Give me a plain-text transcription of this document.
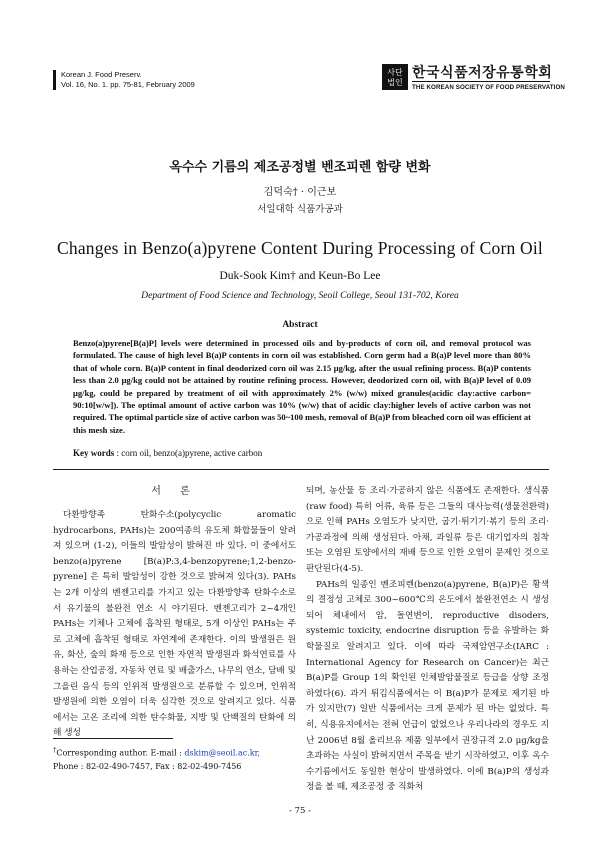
Korean J. Food Preserv.
Vol. 16, No. 1. pp. 75-81, February 2009
사단
법인
한국식품저장유통학회
THE KOREAN SOCIETY OF FOOD PRESERVATION
옥수수 기름의 제조공정별 벤조피렌 함량 변화
김덕숙† · 이근보
서일대학 식품가공과
Changes in Benzo(a)pyrene Content During Processing of Corn Oil
Duk-Sook Kim† and Keun-Bo Lee
Department of Food Science and Technology, Seoil College, Seoul 131-702, Korea
Abstract
Benzo(a)pyrene[B(a)P] levels were determined in processed oils and by-products of corn oil, and removal protocol was formulated. The cause of high level B(a)P contents in corn oil was established. Corn germ had a B(a)P level more than 80% that of whole corn. B(a)P content in final deodorized corn oil was 2.15 μg/kg, after the usual refining process. B(a)P contents less than 2.0 μg/kg could not be attained by routine refining process. However, deodorized corn oil, with B(a)P level of 0.09 μg/kg, could be prepared by treatment of oil with approximately 2% (w/w) mixed granules(acidic clay:active carbon= 90:10[w/w]). The optimal amount of active carbon was 10% (w/w) that of acidic clay:higher levels of active carbon was not required. The optimal particle size of active carbon was 50~100 mesh, removal of B(a)P from bleached corn oil was efficient at this mesh size.
Key words : corn oil, benzo(a)pyrene, active carbon
서 론

다환방향족 탄화수소(polycyclic aromatic hydrocarbons, PAHs)는 200여종의 유도체 화합물들이 알려져 있으며 (1-2), 이들의 발암성이 밝혀진 바 있다. 이 중에서도 benzo(a)pyrene [B(a)P:3,4-benzopyrene;1,2-benzo-pyrene] 은 특히 발암성이 강한 것으로 밝혀져 있다(3). PAHs는 2개 이상의 벤젠고리를 가지고 있는 다환방향족 탄화수소로서 유기물의 불완전 연소 시 야기된다. 벤젠고리가 2~4개인 PAHs는 기체나 고체에 흡착된 형태로, 5개 이상인 PAHs는 주로 고체에 흡착된 형태로 자연계에 존재한다. 이의 발생원은 원유, 화산, 숲의 화재 등으로 인한 자연적 발생원과 화석연료를 사용하는 산업공정, 자동차 연료 및 배출가스, 나무의 연소, 담배 및 그을린 음식 등의 인위적 발생원으로 분류할 수 있으며, 인위적 발생원에 의한 오염이 더욱 심각한 것으로 알려지고 있다. 식품에서는 고온 조리에 의한 탄수화물, 지방 및 단백질의 탄화에 의해 생성

되며, 농산물 등 조리·가공하지 않은 식품에도 존재한다. 생식품(raw food) 특히 어류, 육류 등은 그들의 대사능력(생물전환력)으로 인해 PAHs 오염도가 낮지만, 굽기·튀기기·볶기 등의 조리·가공과정에 의해 생성된다. 아채, 과일류 등은 대기업자의 침착 또는 오염된 토양에서의 재배 등으로 인한 오염이 문제인 것으로 판단된다(4-5).

PAHs의 일종인 벤조피렌(benzo(a)pyrene, B(a)P)은 황색의 결정성 고체로 300~600℃의 온도에서 불완전연소 시 생성되어 체내에서 암, 돌연변이, reproductive disoders, systemic toxicity, endocrine disruption 등을 유발하는 화학물질로 알려지고 있다. 이에 따라 국제암연구소(IARC : International Agency for Research on Cancer)는 최근 B(a)P를 Group 1의 확인된 인체발암물질로 등급을 상향 조정하였다(6). 과거 튀김식품에서는 이 B(a)P가 문제로 제기된 바가 있지만(7) 일반 식품에서는 크게 문제가 된 바는 없었다. 특히, 식용유지에서는 전혀 언급이 없었으나 우리나라의 경우도 지난 2006년 8월 올리브유 제품 일부에서 권장규격 2.0 μg/kg을 초과하는 사실이 밝혀지면서 주목을 받기 시작하였고, 이후 옥수수기름에서도 동일한 현상이 발생하였다. 이에 B(a)P의 생성과정을 볼 때, 제조공정 중 직화처

†Corresponding author. E-mail : dskim@seoil.ac.kr,
Phone : 82-02-490-7457, Fax : 82-02-490-7456
- 75 -
